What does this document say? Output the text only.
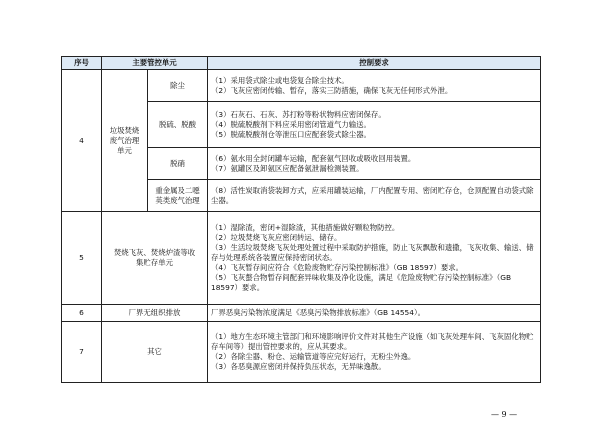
序号	主要管控单元		控制要求
4	垃圾焚烧废气治理单元	除尘	（1）采用袋式除尘或电袋复合除尘技术。
（2）飞灰应密闭传输、暂存，落实三防措施，确保飞灰无任何形式外泄。

		脱硫、脱酸	（3）石灰石、石灰、苏打粉等粉状物料应密闭保存。
（4）脱硫脱酸剂下料应采用密闭管道气力输送。
（5）脱硫脱酸剂仓等泄压口应配套袋式除尘器。

		脱硝	（6）氨水用全封闭罐车运输，配套氨气回收或吸收回用装置。
（7）氨罐区及卸氨区应配备氨泄漏检测装置。

		重金属及二噁英类废气治理	（8）活性炭取消袋装卸方式，应采用罐装运输，厂内配置专用、密闭贮存仓，仓顶配置自动袋式除尘器。

5	焚烧飞灰、焚烧炉渣等收集贮存单元		（1）湿除渣，密闭+湿除渣，其他措施做好颗粒物防控。
（2）垃圾焚烧飞灰应密闭转运、储存。
（3）生活垃圾焚烧飞灰处理处置过程中采取防护措施，防止飞灰飘散和遗撒，飞灰收集、输送、储存与处理系统各装置应保持密闭状态。
（4）飞灰暂存间应符合《危险废物贮存污染控制标准》（GB 18597）要求。
（5）飞灰螯合物暂存间配套异味收集及净化设施，满足《危险废物贮存污染控制标准》（GB 18597）要求。

6	厂界无组织排放		厂界恶臭污染物浓度满足《恶臭污染物排放标准》（GB 14554）。

7	其它		（1）地方生态环境主管部门和环境影响评价文件对其他生产设施（如飞灰处理车间、飞灰固化物贮存车间等）提出管控要求的，应从其要求。
（2）各除尘器、粉仓、运输管道等应完好运行，无粉尘外逸。
（3）各恶臭源应密闭并保持负压状态，无异味逸散。
— 9 —
